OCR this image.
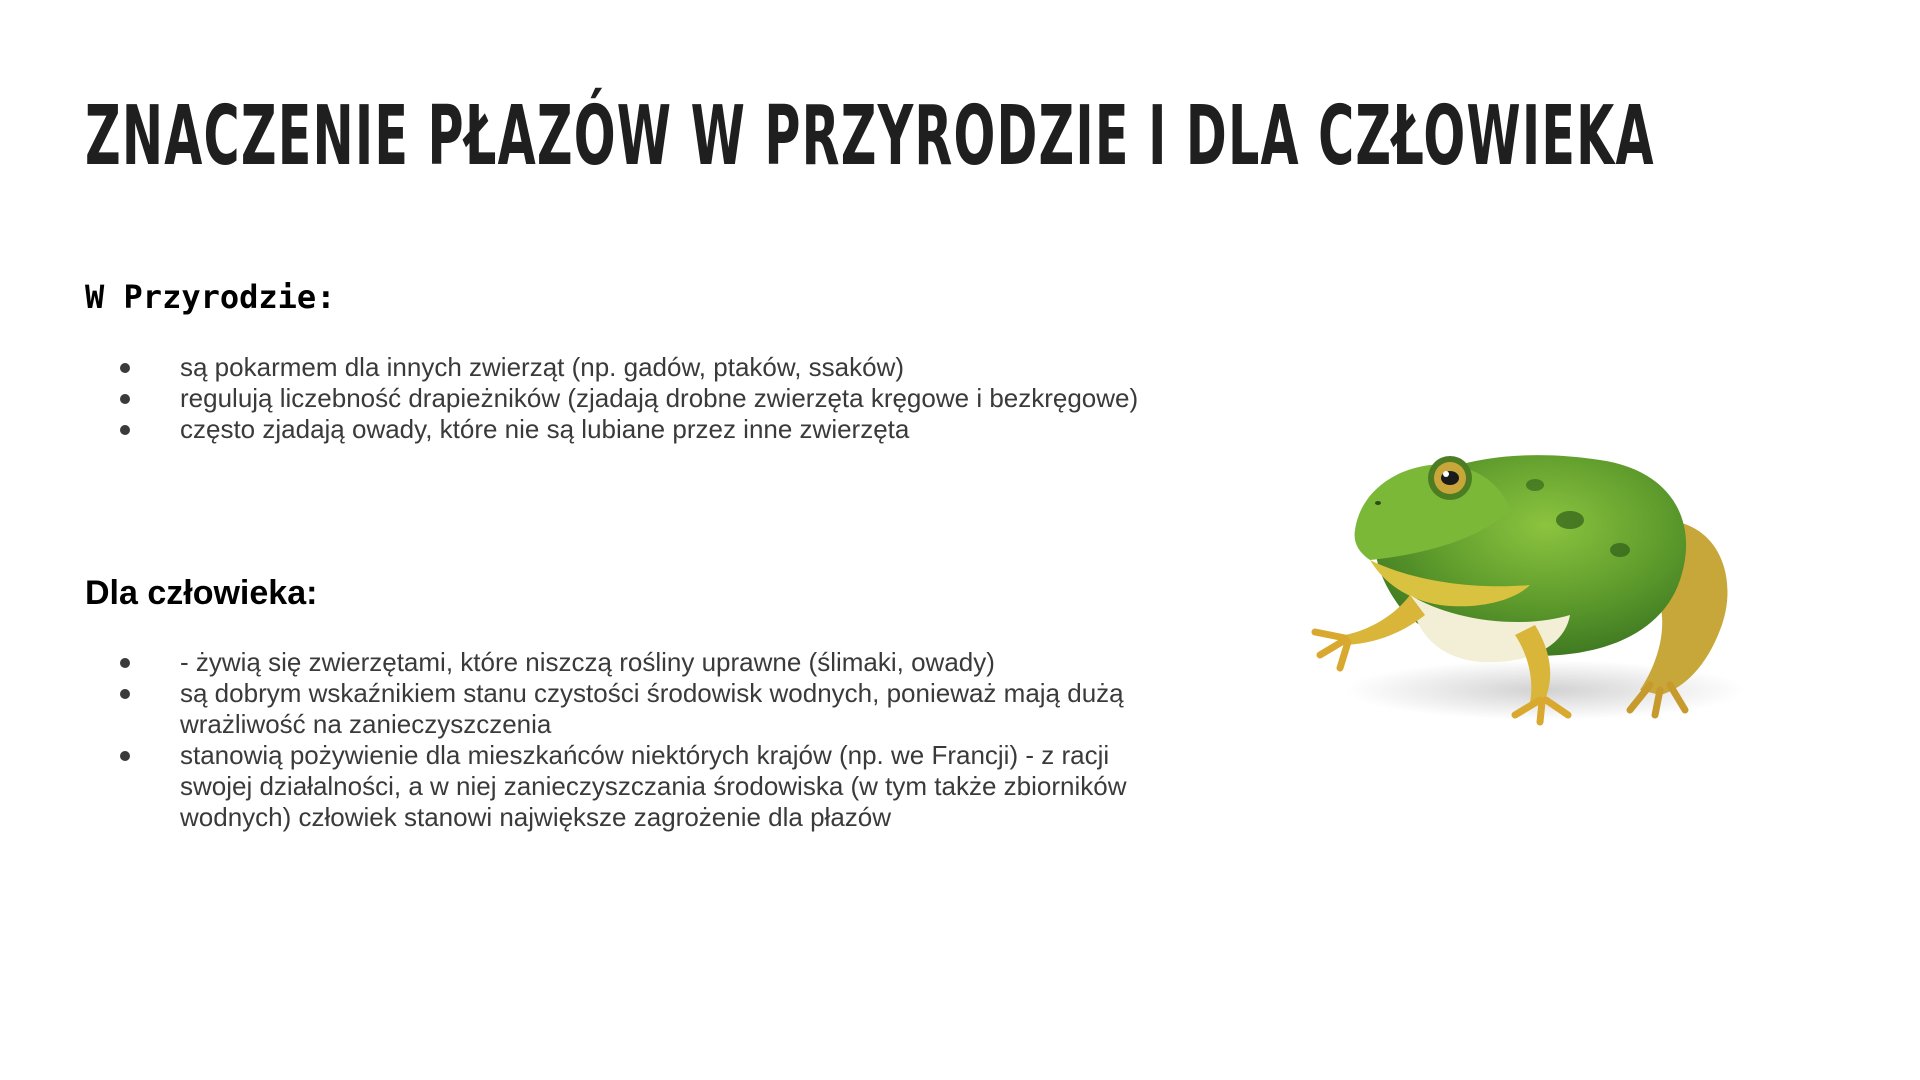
ZNACZENIE PŁAZÓW W PRZYRODZIE I DLA CZŁOWIEKA
W Przyrodzie:
są pokarmem dla innych zwierząt (np. gadów, ptaków, ssaków)
regulują liczebność drapieżników (zjadają drobne zwierzęta kręgowe i bezkręgowe)
często zjadają owady, które nie są lubiane przez inne zwierzęta
Dla człowieka:
- żywią się zwierzętami, które niszczą rośliny uprawne (ślimaki, owady)
są dobrym wskaźnikiem stanu czystości środowisk wodnych, ponieważ mają dużą wrażliwość na zanieczyszczenia
stanowią pożywienie dla mieszkańców niektórych krajów (np. we Francji) - z racji swojej działalności, a w niej zanieczyszczania środowiska (w tym także zbiorników wodnych) człowiek stanowi największe zagrożenie dla płazów
